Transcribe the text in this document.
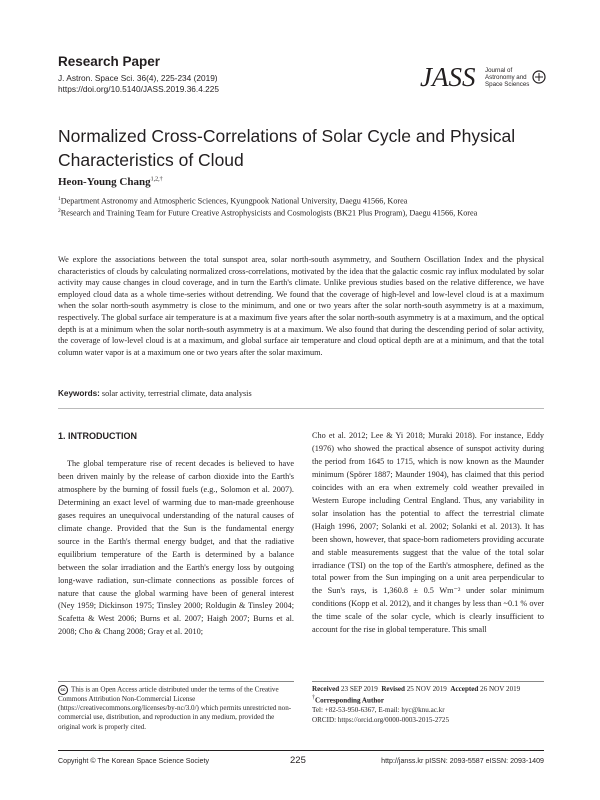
Research Paper
J. Astron. Space Sci. 36(4), 225-234 (2019)
https://doi.org/10.5140/JASS.2019.36.4.225	JASS Journal of
Astronomy and
Space Sciences
Normalized Cross-Correlations of Solar Cycle and Physical Characteristics of Cloud
Heon-Young Chang$^{1,2,\dagger}$
$^1$Department Astronomy and Atmospheric Sciences, Kyungpook National University, Daegu 41566, Korea
$^2$Research and Training Team for Future Creative Astrophysicists and Cosmologists (BK21 Plus Program), Daegu 41566, Korea
We explore the associations between the total sunspot area, solar north-south asymmetry, and Southern Oscillation Index and the physical characteristics of clouds by calculating normalized cross-correlations, motivated by the idea that the galactic cosmic ray influx modulated by solar activity may cause changes in cloud coverage, and in turn the Earth's climate. Unlike previous studies based on the relative difference, we have employed cloud data as a whole time-series without detrending. We found that the coverage of high-level and low-level cloud is at a maximum when the solar north-south asymmetry is close to the minimum, and one or two years after the solar north-south asymmetry is at a maximum, respectively. The global surface air temperature is at a maximum five years after the solar north-south asymmetry is at a maximum, and the optical depth is at a minimum when the solar north-south asymmetry is at a maximum. We also found that during the descending period of solar activity, the coverage of low-level cloud is at a maximum, and global surface air temperature and cloud optical depth are at a minimum, and that the total column water vapor is at a maximum one or two years after the solar maximum.
Keywords: solar activity, terrestrial climate, data analysis
1. INTRODUCTION
The global temperature rise of recent decades is believed to have been driven mainly by the release of carbon dioxide into the Earth's atmosphere by the burning of fossil fuels (e.g., Solomon et al. 2007). Determining an exact level of warming due to man-made greenhouse gases requires an unequivocal understanding of the natural causes of climate change. Provided that the Sun is the fundamental energy source in the Earth's thermal energy budget, and that the radiative equilibrium temperature of the Earth is determined by a balance between the solar irradiation and the Earth's energy loss by outgoing long-wave radiation, sun-climate connections as possible forces of nature that cause the global warming have been of general interest (Ney 1959; Dickinson 1975; Tinsley 2000; Roldugin & Tinsley 2004; Scafetta & West 2006; Burns et al. 2007; Haigh 2007; Burns et al. 2008; Cho & Chang 2008; Gray et al. 2010;
Cho et al. 2012; Lee & Yi 2018; Muraki 2018). For instance, Eddy (1976) who showed the practical absence of sunspot activity during the period from 1645 to 1715, which is now known as the Maunder minimum (Spörer 1887; Maunder 1904), has claimed that this period coincides with an era when extremely cold weather prevailed in Western Europe including Central England. Thus, any variability in solar insolation has the potential to affect the terrestrial climate (Haigh 1996, 2007; Solanki et al. 2002; Solanki et al. 2013). It has been shown, however, that space-born radiometers providing accurate and stable measurements suggest that the value of the total solar irradiance (TSI) on the top of the Earth's atmosphere, defined as the total power from the Sun impinging on a unit area perpendicular to the Sun's rays, is 1,360.8 ± 0.5 Wm⁻² under solar minimum conditions (Kopp et al. 2012), and it changes by less than ~0.1 % over the time scale of the solar cycle, which is clearly insufficient to account for the rise in global temperature. This small
cc This is an Open Access article distributed under the terms of the Creative Commons Attribution Non-Commercial License (https://creativecommons.org/licenses/by-nc/3.0/) which permits unrestricted non-commercial use, distribution, and reproduction in any medium, provided the original work is properly cited.
Received 23 SEP 2019 Revised 25 NOV 2019 Accepted 26 NOV 2019
†Corresponding Author
Tel: +82-53-950-6367, E-mail: hyc@knu.ac.kr
ORCID: https://orcid.org/0000-0003-2015-2725
Copyright © The Korean Space Science Society	225	http://janss.kr pISSN: 2093-5587 eISSN: 2093-1409
